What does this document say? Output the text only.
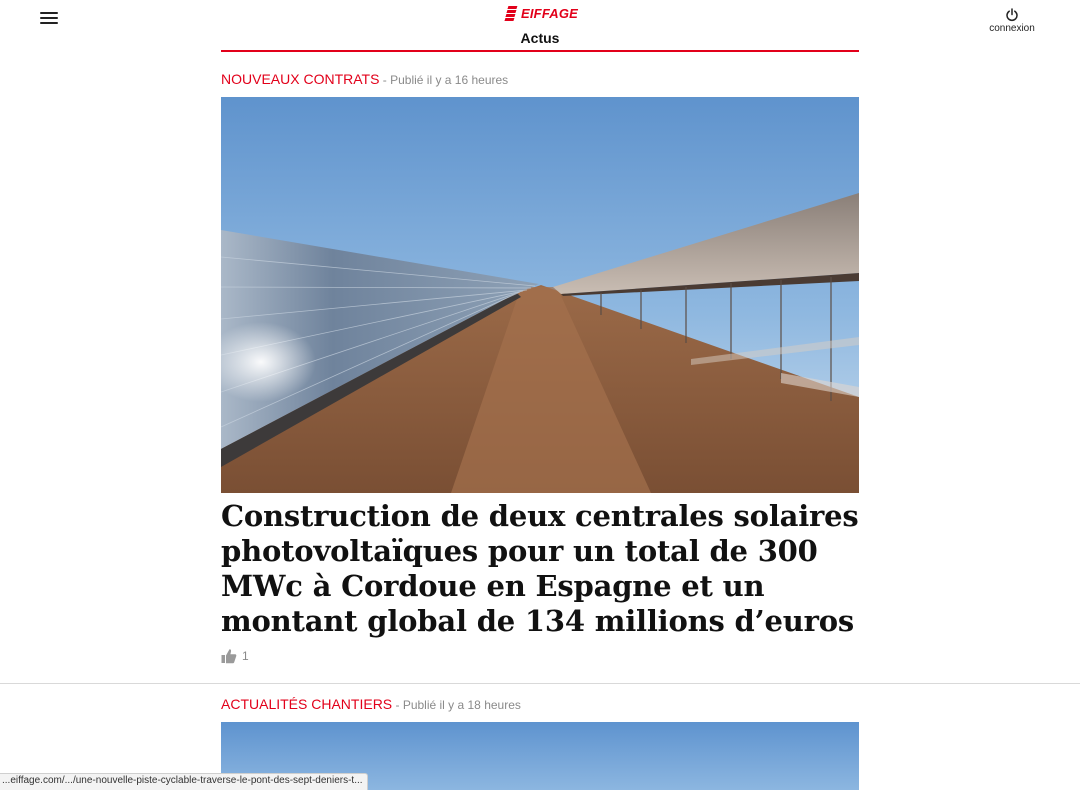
EIFFAGE
Actus
connexion
NOUVEAUX CONTRATS - Publié il y a 16 heures
Construction de deux centrales solaires photovoltaïques pour un total de 300 MWc à Cordoue en Espagne et un montant global de 134 millions d’euros
1
ACTUALITÉS CHANTIERS - Publié il y a 18 heures
...eiffage.com/.../une-nouvelle-piste-cyclable-traverse-le-pont-des-sept-deniers-t...
